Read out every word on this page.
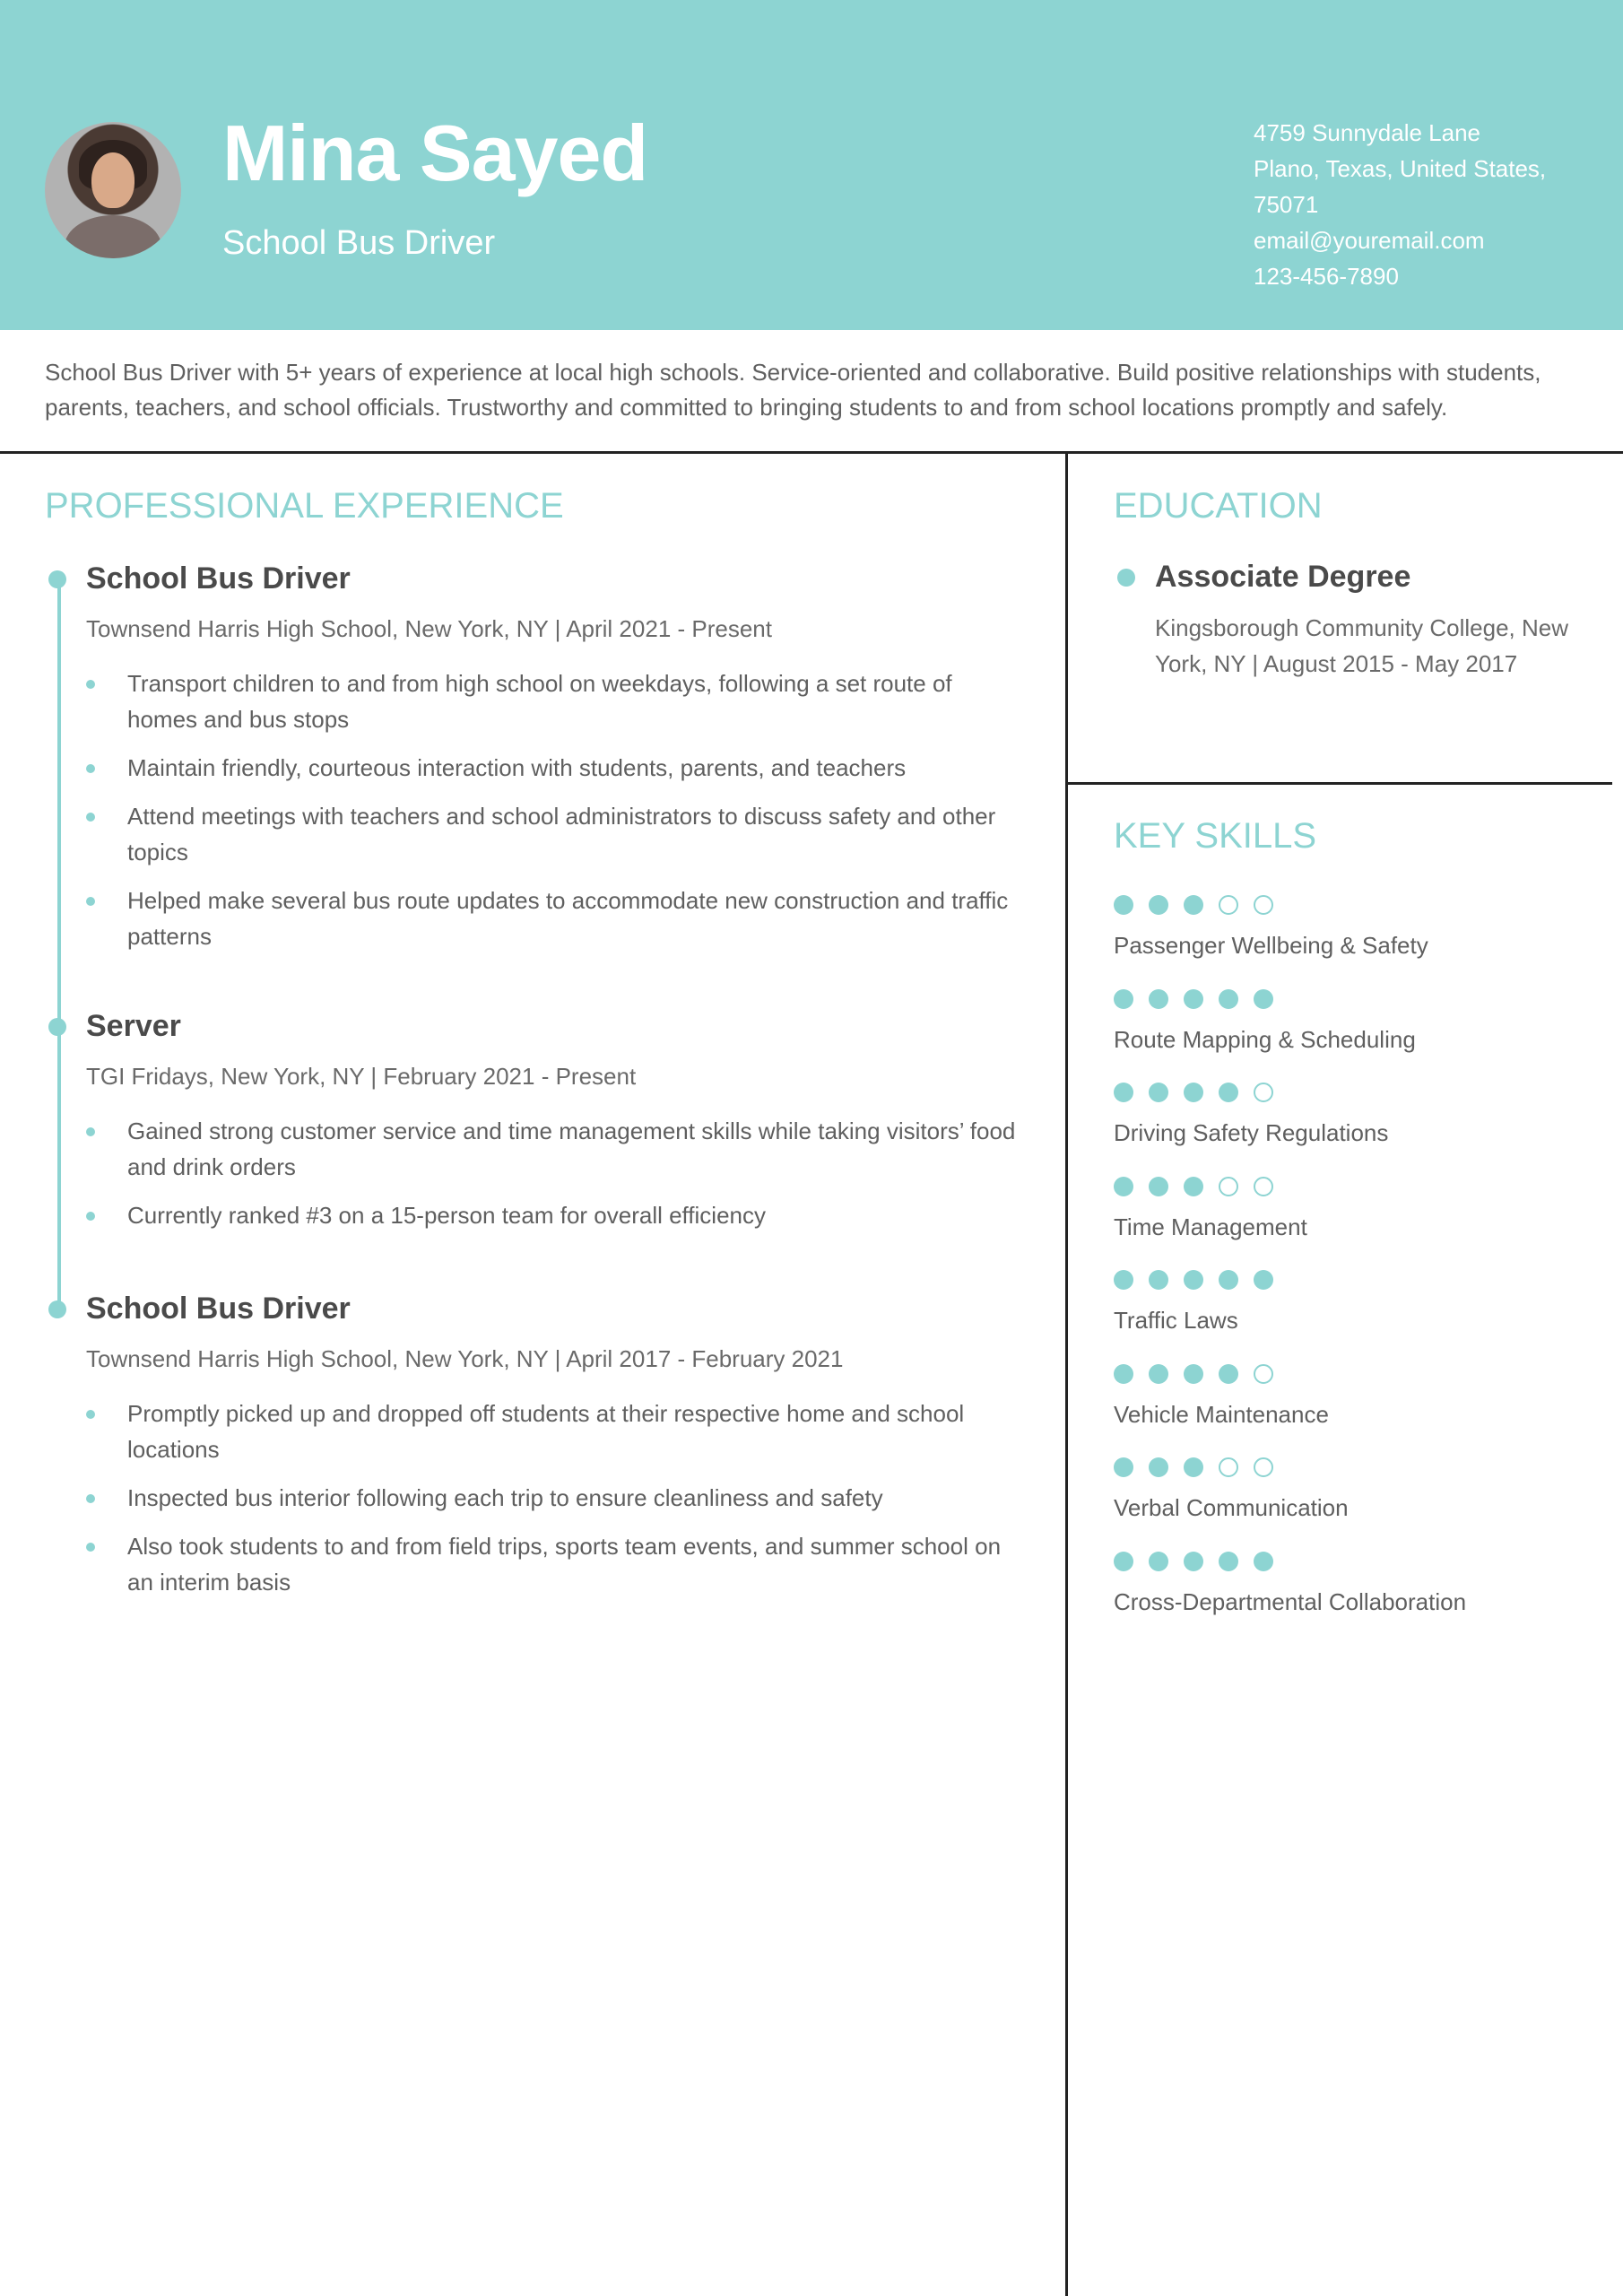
Mina Sayed
School Bus Driver
4759 Sunnydale Lane
Plano, Texas, United States,
75071
email@youremail.com
123-456-7890
School Bus Driver with 5+ years of experience at local high schools. Service-oriented and collaborative. Build positive relationships with students, parents, teachers, and school officials. Trustworthy and committed to bringing students to and from school locations promptly and safely.
PROFESSIONAL EXPERIENCE
School Bus Driver
Townsend Harris High School, New York, NY | April 2021 - Present
Transport children to and from high school on weekdays, following a set route of homes and bus stops
Maintain friendly, courteous interaction with students, parents, and teachers
Attend meetings with teachers and school administrators to discuss safety and other topics
Helped make several bus route updates to accommodate new construction and traffic patterns
Server
TGI Fridays, New York, NY | February 2021 - Present
Gained strong customer service and time management skills while taking visitors’ food and drink orders
Currently ranked #3 on a 15-person team for overall efficiency
School Bus Driver
Townsend Harris High School, New York, NY | April 2017 - February 2021
Promptly picked up and dropped off students at their respective home and school locations
Inspected bus interior following each trip to ensure cleanliness and safety
Also took students to and from field trips, sports team events, and summer school on an interim basis
EDUCATION
Associate Degree
Kingsborough Community College, New York, NY | August 2015 - May 2017
KEY SKILLS
Passenger Wellbeing & Safety
Route Mapping & Scheduling
Driving Safety Regulations
Time Management
Traffic Laws
Vehicle Maintenance
Verbal Communication
Cross-Departmental Collaboration
